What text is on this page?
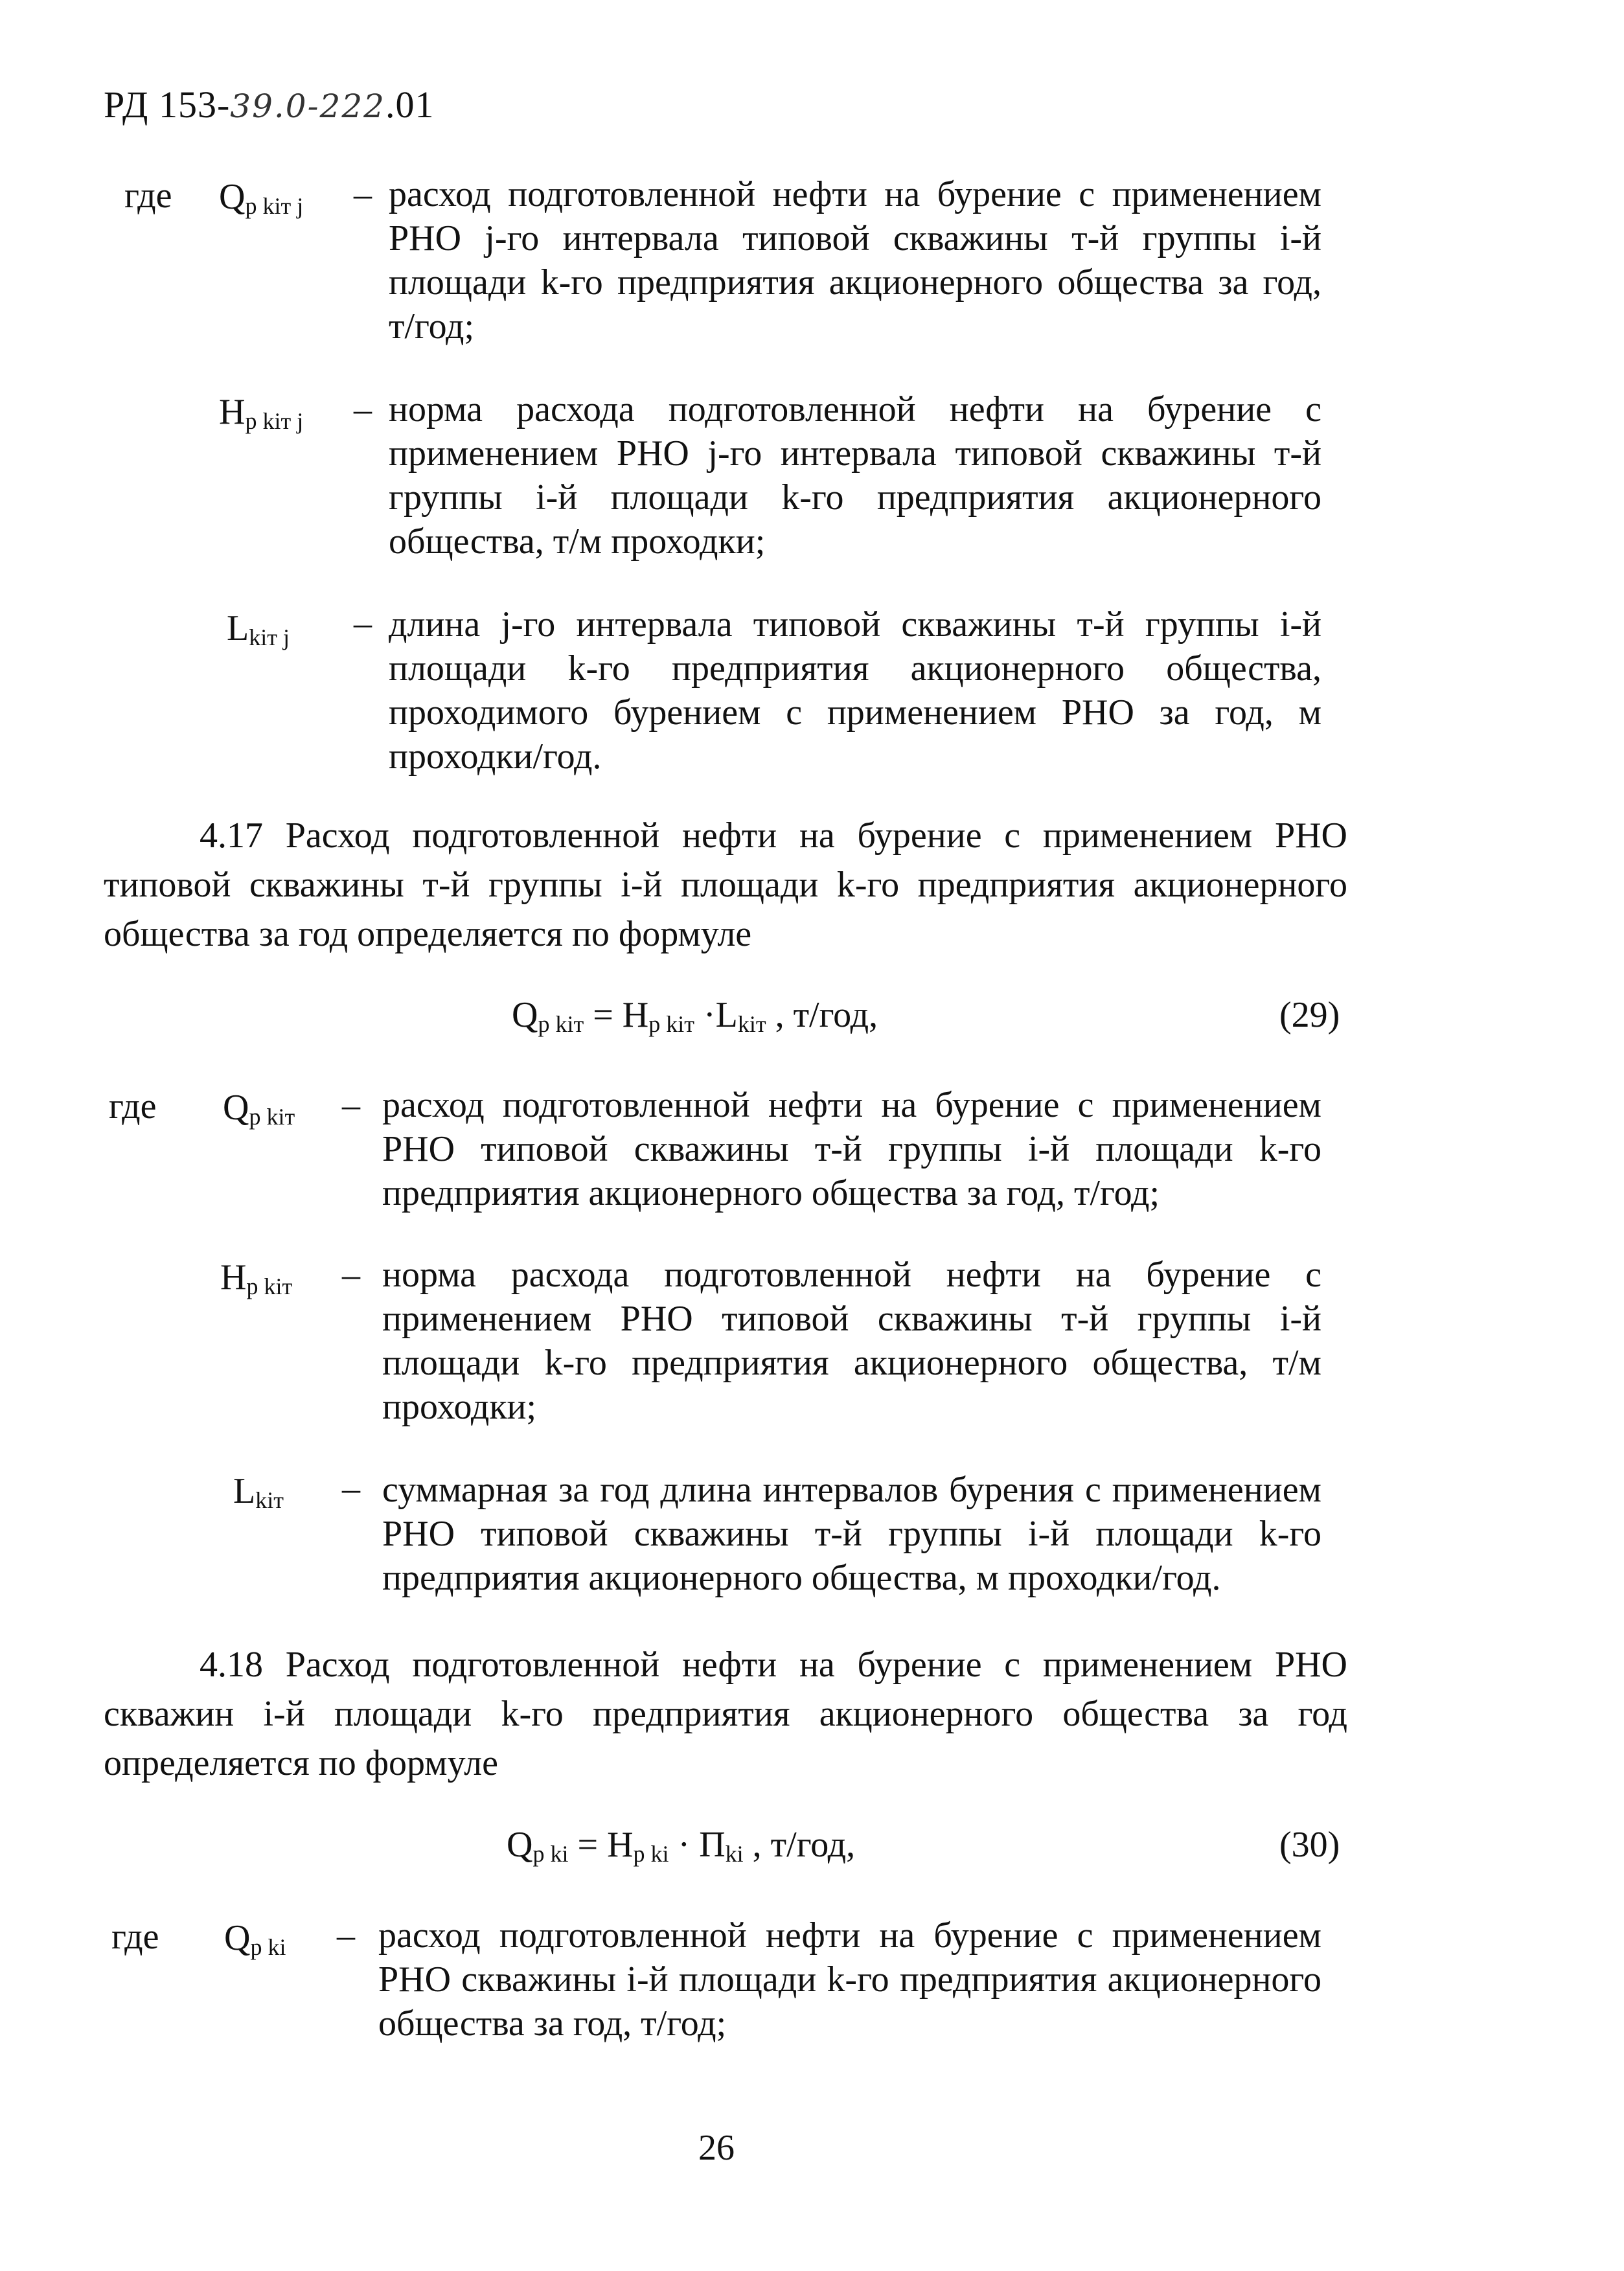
РД 153-39.0-222.01
где $Q_{p kiт j}$ – расход подготовленной нефти на бурение с применением РНО j-го интервала типовой скважины т-й группы i-й площади k-го предприятия акционерного общества за год, т/год;

$Н_{p kiт j}$ – норма расхода подготовленной нефти на бурение с применением РНО j-го интервала типовой скважины т-й группы i-й площади k-го предприятия акционерного общества, т/м проходки;

$L_{kiт j}$ – длина j-го интервала типовой скважины т-й группы i-й площади k-го предприятия акционерного общества, проходимого бурением с применением РНО за год, м проходки/год.

4.17 Расход подготовленной нефти на бурение с применением РНО типовой скважины т-й группы i-й площади k-го предприятия акционерного общества за год определяется по формуле

$Q_{p kiт} = Н_{p kiт} \cdot L_{kiт}$ , т/год,	(29)
где $Q_{p kiт}$ – расход подготовленной нефти на бурение с применением РНО типовой скважины т-й группы i-й площади k-го предприятия акционерного общества за год, т/год;

$Н_{p kiт}$ – норма расхода подготовленной нефти на бурение с применением РНО типовой скважины т-й группы i-й площади k-го предприятия акционерного общества, т/м проходки;

$L_{kiт}$ – суммарная за год длина интервалов бурения с применением РНО типовой скважины т-й группы i-й площади k-го предприятия акционерного общества, м проходки/год.

4.18 Расход подготовленной нефти на бурение с применением РНО скважин i-й площади k-го предприятия акционерного общества за год определяется по формуле

$Q_{p ki} = Н_{p ki} \cdot П_{ki}$ , т/год,	(30)
где $Q_{p ki}$ – расход подготовленной нефти на бурение с применением РНО скважины i-й площади k-го предприятия акционерного общества за год, т/год;

26
